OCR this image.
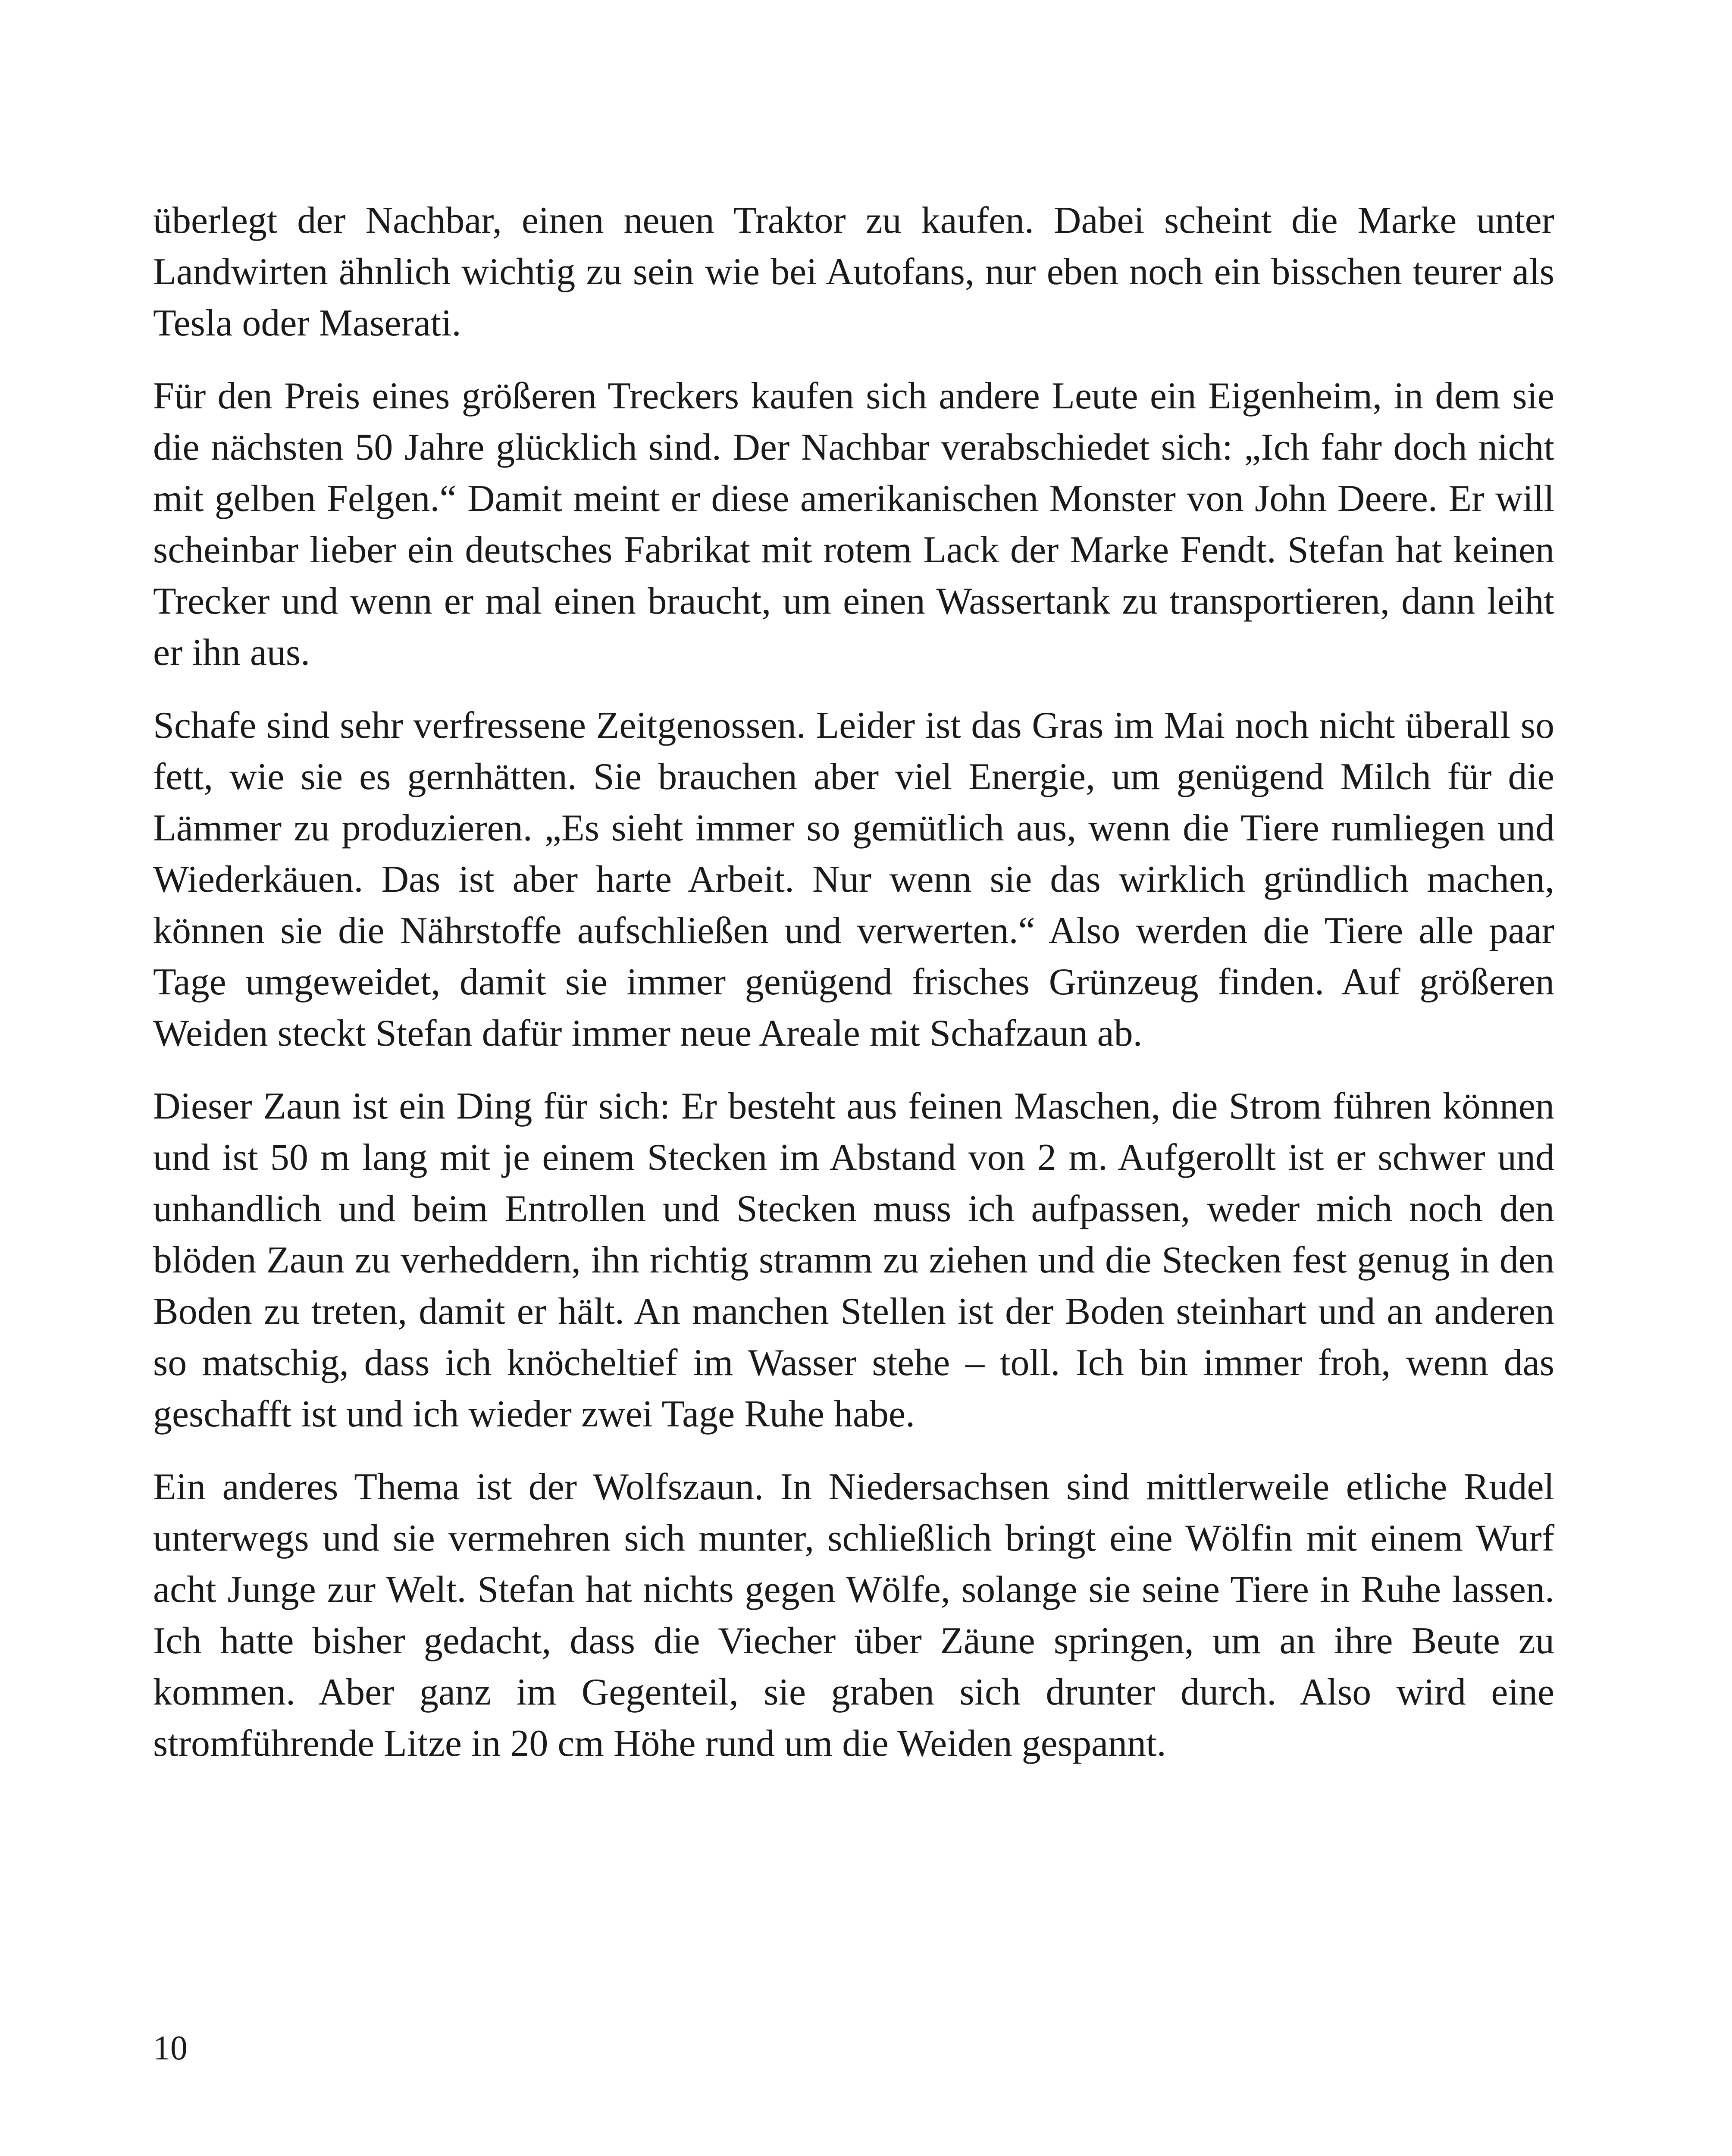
überlegt der Nachbar, einen neuen Traktor zu kaufen. Dabei scheint die Marke unter Landwirten ähnlich wichtig zu sein wie bei Autofans, nur eben noch ein bisschen teurer als Tesla oder Maserati.

Für den Preis eines größeren Treckers kaufen sich andere Leute ein Eigenheim, in dem sie die nächsten 50 Jahre glücklich sind. Der Nachbar verabschiedet sich: „Ich fahr doch nicht mit gelben Felgen.“ Damit meint er diese amerikanischen Monster von John Deere. Er will scheinbar lieber ein deutsches Fabrikat mit rotem Lack der Marke Fendt. Stefan hat keinen Trecker und wenn er mal einen braucht, um einen Wassertank zu transportieren, dann leiht er ihn aus.

Schafe sind sehr verfressene Zeitgenossen. Leider ist das Gras im Mai noch nicht überall so fett, wie sie es gernhätten. Sie brauchen aber viel Energie, um genügend Milch für die Lämmer zu produzieren. „Es sieht immer so gemütlich aus, wenn die Tiere rumliegen und Wiederkäuen. Das ist aber harte Arbeit. Nur wenn sie das wirklich gründlich machen, können sie die Nährstoffe aufschließen und verwerten.“ Also werden die Tiere alle paar Tage umgeweidet, damit sie immer genügend frisches Grünzeug finden. Auf größeren Weiden steckt Stefan dafür immer neue Areale mit Schafzaun ab.

Dieser Zaun ist ein Ding für sich: Er besteht aus feinen Maschen, die Strom führen können und ist 50 m lang mit je einem Stecken im Abstand von 2 m. Aufgerollt ist er schwer und unhandlich und beim Entrollen und Stecken muss ich aufpassen, weder mich noch den blöden Zaun zu verheddern, ihn richtig stramm zu ziehen und die Stecken fest genug in den Boden zu treten, damit er hält. An manchen Stellen ist der Boden steinhart und an anderen so matschig, dass ich knöcheltief im Wasser stehe – toll. Ich bin immer froh, wenn das geschafft ist und ich wieder zwei Tage Ruhe habe.

Ein anderes Thema ist der Wolfszaun. In Niedersachsen sind mittlerweile etliche Rudel unterwegs und sie vermehren sich munter, schließlich bringt eine Wölfin mit einem Wurf acht Junge zur Welt. Stefan hat nichts gegen Wölfe, solange sie seine Tiere in Ruhe lassen. Ich hatte bisher gedacht, dass die Viecher über Zäune springen, um an ihre Beute zu kommen. Aber ganz im Gegenteil, sie graben sich drunter durch. Also wird eine stromführende Litze in 20 cm Höhe rund um die Weiden gespannt.

10
